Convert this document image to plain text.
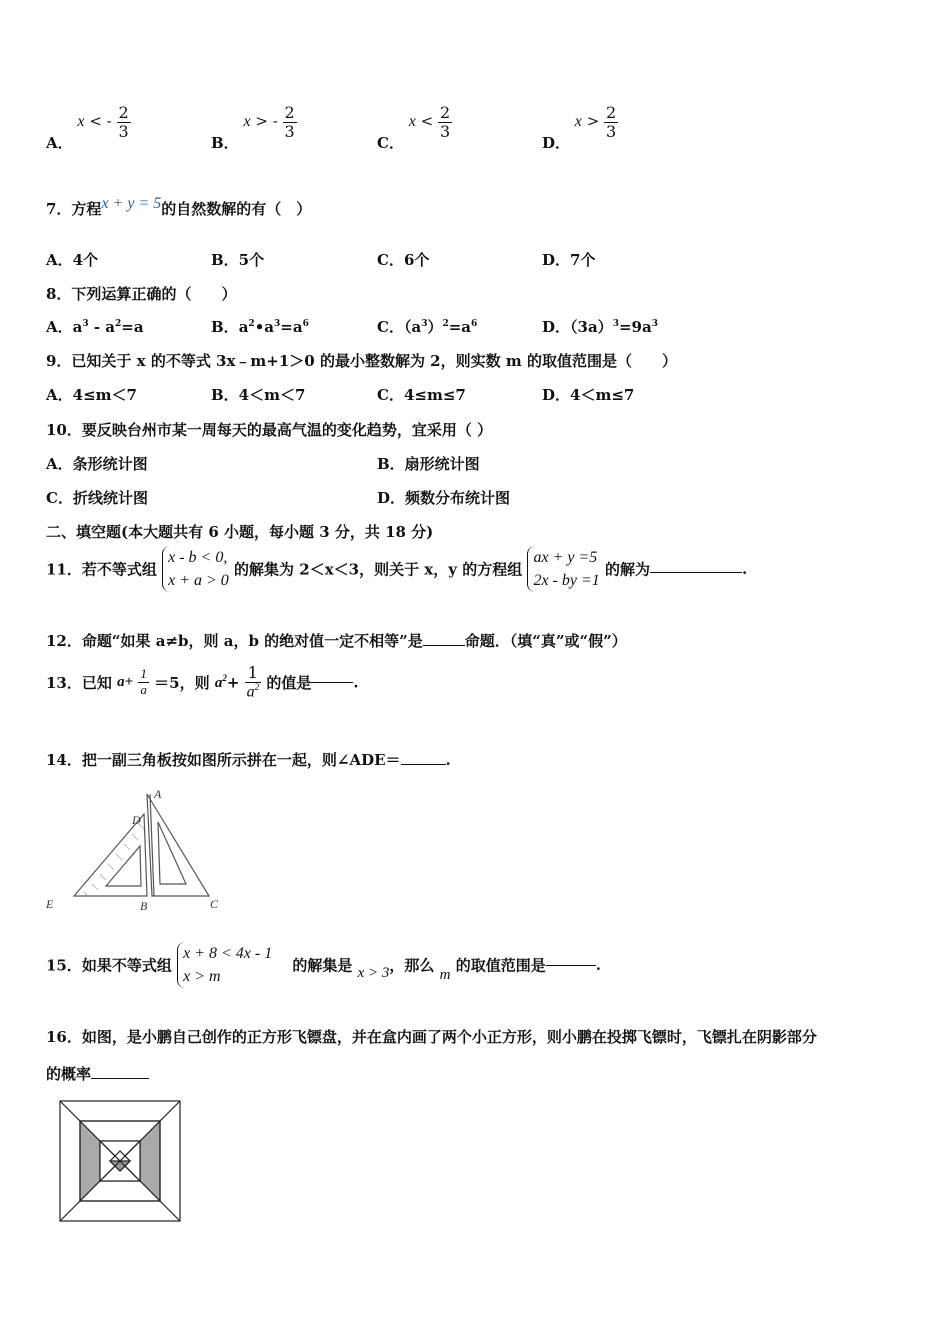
A． x < - $\frac{2}{3}$
B． x > - $\frac{2}{3}$
C． $x < \frac{2}{3}$
D． $x > \frac{2}{3}$
7．方程x + y = 5的自然数解的有（　）
A．4个	B．5个	C．6个	D．7个
8．下列运算正确的（　　）
A．$a^3 - a^2=a$	B．$a^2•a^3=a^6$	C．$(a^3)^2=a^6$	D．$(3a)^3=9a^3$
9．已知关于 x 的不等式 3x﹣m+1＞0 的最小整数解为 2，则实数 m 的取值范围是（　　）
A．4≤m＜7	B．4＜m＜7	C．4≤m≤7	D．4＜m≤7
10．要反映台州市某一周每天的最高气温的变化趋势，宜采用（ ）
A．条形统计图	B．扇形统计图
C．折线统计图	D．频数分布统计图
二、填空题(本大题共有 6 小题，每小题 3 分，共 18 分)
11．若不等式组
x - b < 0,
x + a > 0
的解集为 2＜x＜3，则关于 x，y 的方程组
ax + y =5
2x - by =1
的解为	.
12．命题“如果 a≠b，则 a，b 的绝对值一定不相等”是	命题．（填“真”或“假”）
13．已知 $a+ \frac{1}{a} =5$，则 $a^2+ \frac{1}{a^2}$ 的值是	.
14．把一副三角板按如图所示拼在一起，则∠ADE＝	.
A
D
E	B	C
15．如果不等式组
x + 8 < 4x - 1
x > m
的解集是 x > 3，那么 m 的取值范围是	.
16．如图，是小鹏自己创作的正方形飞镖盘，并在盒内画了两个小正方形，则小鹏在投掷飞镖时，飞镖扎在阴影部分
的概率
